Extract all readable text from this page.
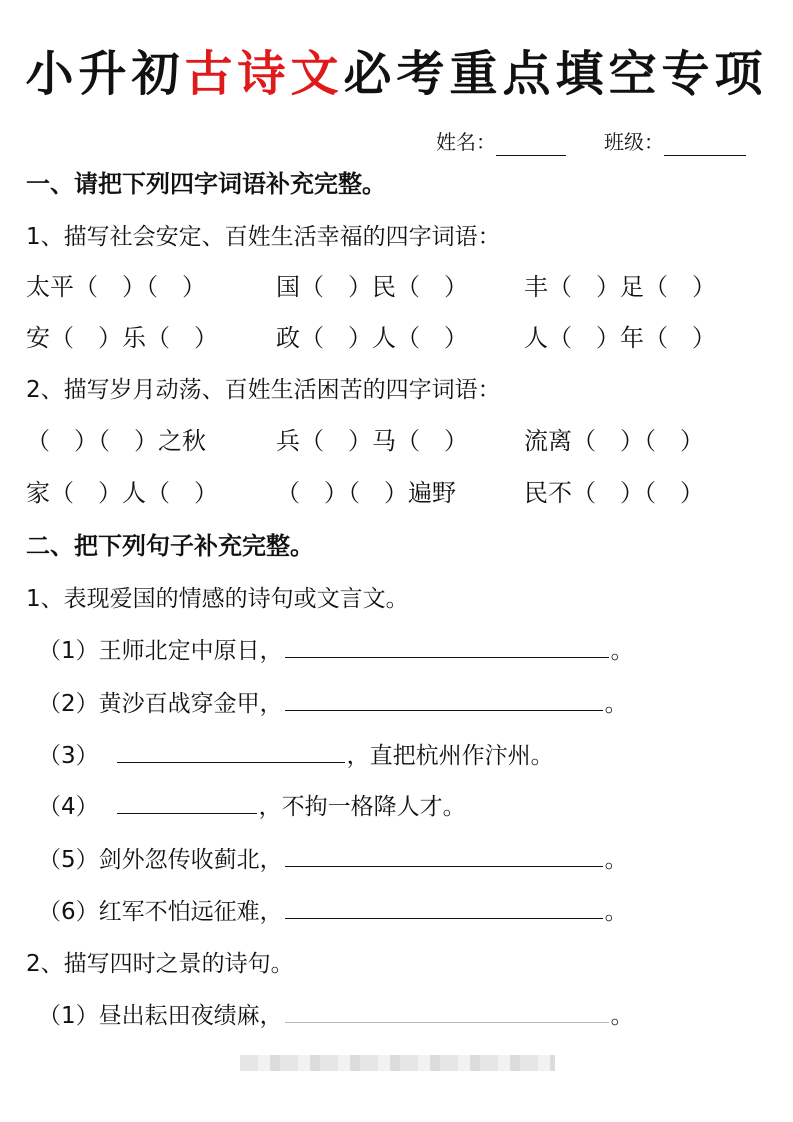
小升初古诗文必考重点填空专项
姓名：	班级：
一、请把下列四字词语补充完整。
1、描写社会安定、百姓生活幸福的四字词语：
太平（　）（　）	国（　）民（　） 丰（　）足（　）
安（　）乐（　） 政（　）人（　） 人（　）年（　）
2、描写岁月动荡、百姓生活困苦的四字词语：
（　）（　）之秋	兵（　）马（　） 流离（　）（　）
家（　）人（　） （　）（　）遍野	民不（　）（　）
二、把下列句子补充完整。
1、表现爱国的情感的诗句或文言文。
（1）王师北定中原日，	。
（2）黄沙百战穿金甲，	。
（3）	，直把杭州作汴州。
（4）	，不拘一格降人才。
（5）剑外忽传收蓟北，	。
（6）红军不怕远征难，	。
2、描写四时之景的诗句。
（1）昼出耘田夜绩麻，	。
